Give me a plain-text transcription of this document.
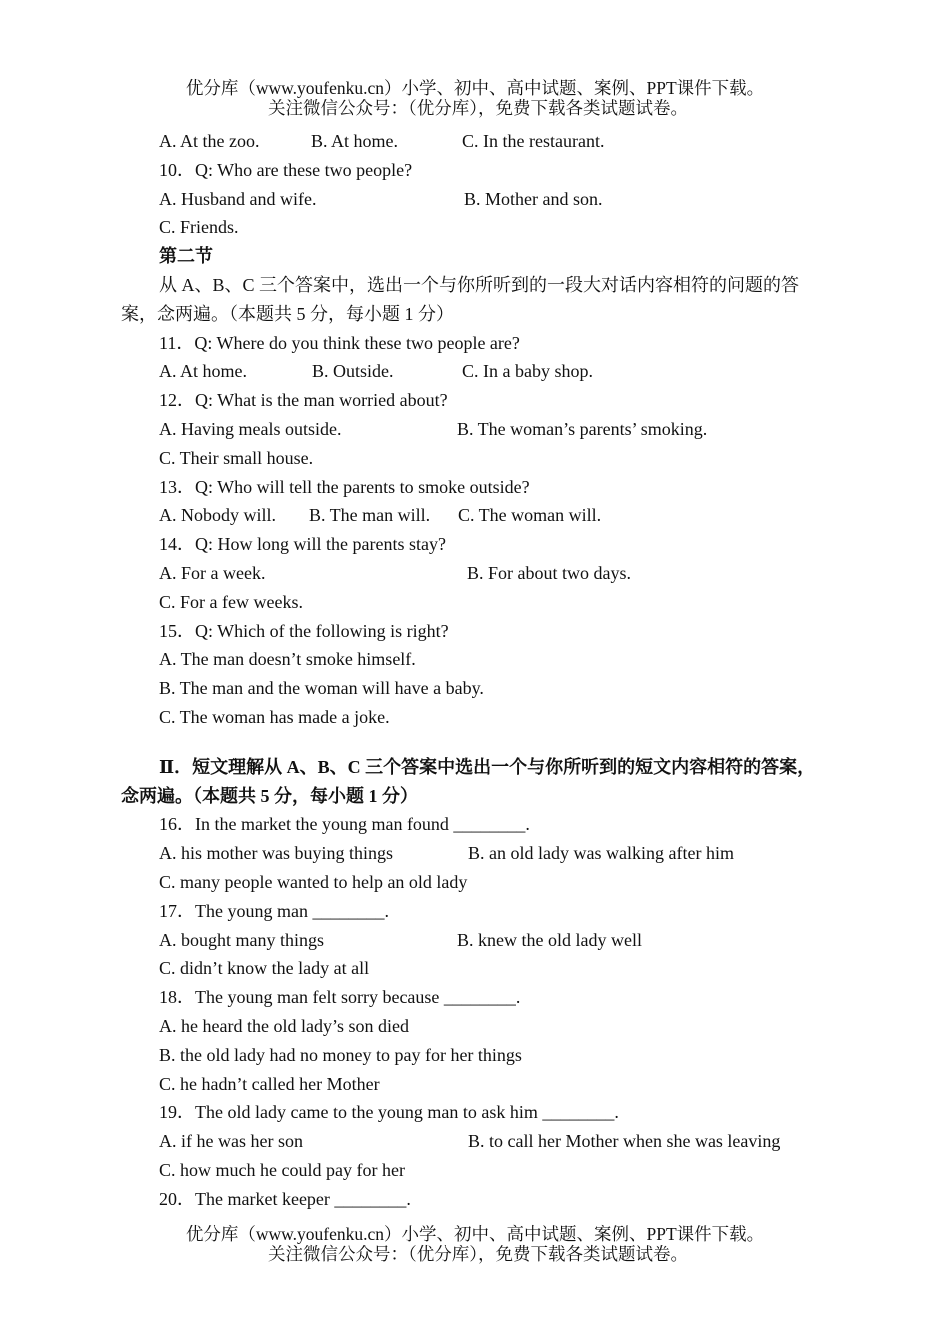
优分库（www.youfenku.cn）小学、初中、高中试题、案例、PPT课件下载。
关注微信公众号：（优分库），免费下载各类试题试卷。
A. At the zoo.	B. At home.	C. In the restaurant.
10．Q: Who are these two people?
A. Husband and wife.	B. Mother and son.
C. Friends.
第二节
从 A、B、C 三个答案中，选出一个与你所听到的一段大对话内容相符的问题的答
案，念两遍。（本题共 5 分，每小题 1 分）
11．Q: Where do you think these two people are?
A. At home.	B. Outside.	C. In a baby shop.
12．Q: What is the man worried about?
A. Having meals outside.	B. The woman’s parents’ smoking.
C. Their small house.
13．Q: Who will tell the parents to smoke outside?
A. Nobody will. B. The man will. C. The woman will.
14．Q: How long will the parents stay?
A. For a week.	B. For about two days.
C. For a few weeks.
15．Q: Which of the following is right?
A. The man doesn’t smoke himself.
B. The man and the woman will have a baby.
C. The woman has made a joke.
Ⅱ．短文理解从 A、B、C 三个答案中选出一个与你所听到的短文内容相符的答案，
念两遍。（本题共 5 分，每小题 1 分）
16．In the market the young man found ________.
A. his mother was buying things	B. an old lady was walking after him
C. many people wanted to help an old lady
17．The young man ________.
A. bought many things	B. knew the old lady well
C. didn’t know the lady at all
18．The young man felt sorry because ________.
A. he heard the old lady’s son died
B. the old lady had no money to pay for her things
C. he hadn’t called her Mother
19．The old lady came to the young man to ask him ________.
A. if he was her son	B. to call her Mother when she was leaving
C. how much he could pay for her
20．The market keeper ________.
优分库（www.youfenku.cn）小学、初中、高中试题、案例、PPT课件下载。
关注微信公众号：（优分库），免费下载各类试题试卷。
